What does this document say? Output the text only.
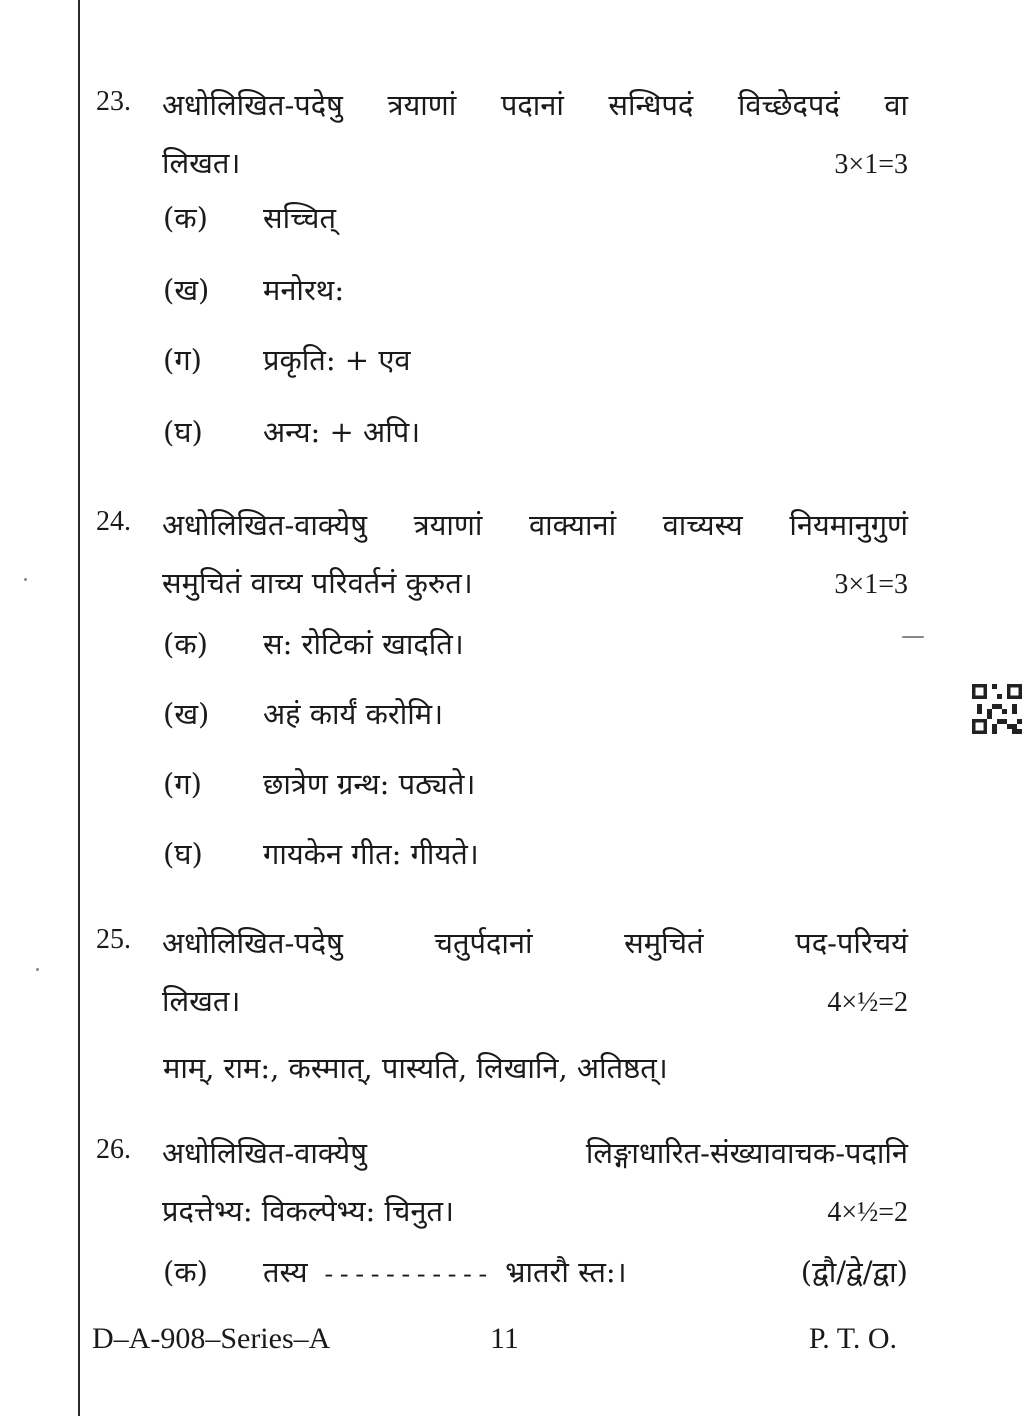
23. अधोलिखित-पदेषु त्रयाणां पदानां सन्धिपदं विच्छेदपदं वा
लिखत।	3×1=3
(क) सच्चित्
(ख) मनोरथ:
(ग) प्रकृति: + एव
(घ) अन्य: + अपि।
24. अधोलिखित-वाक्येषु त्रयाणां वाक्यानां वाच्यस्य नियमानुगुणं
समुचितं वाच्य परिवर्तनं कुरुत।	3×1=3
(क) स: रोटिकां खादति।
(ख) अहं कार्यं करोमि।
(ग) छात्रेण ग्रन्थ: पठ्यते।
(घ) गायकेन गीत: गीयते।
25. अधोलिखित-पदेषु चतुर्पदानां समुचितं पद-परिचयं
लिखत।	4×½=2
माम्, राम:, कस्मात्, पास्यति, लिखानि, अतिष्ठत्।
26. अधोलिखित-वाक्येषु लिङ्गाधारित-संख्यावाचक-पदानि
प्रदत्तेभ्य: विकल्पेभ्य: चिनुत।	4×½=2
(क) तस्य ----------- भ्रातरौ स्त:।	(द्वौ/द्वे/द्वा)
D–A-908–Series–A	11	P. T. O.
